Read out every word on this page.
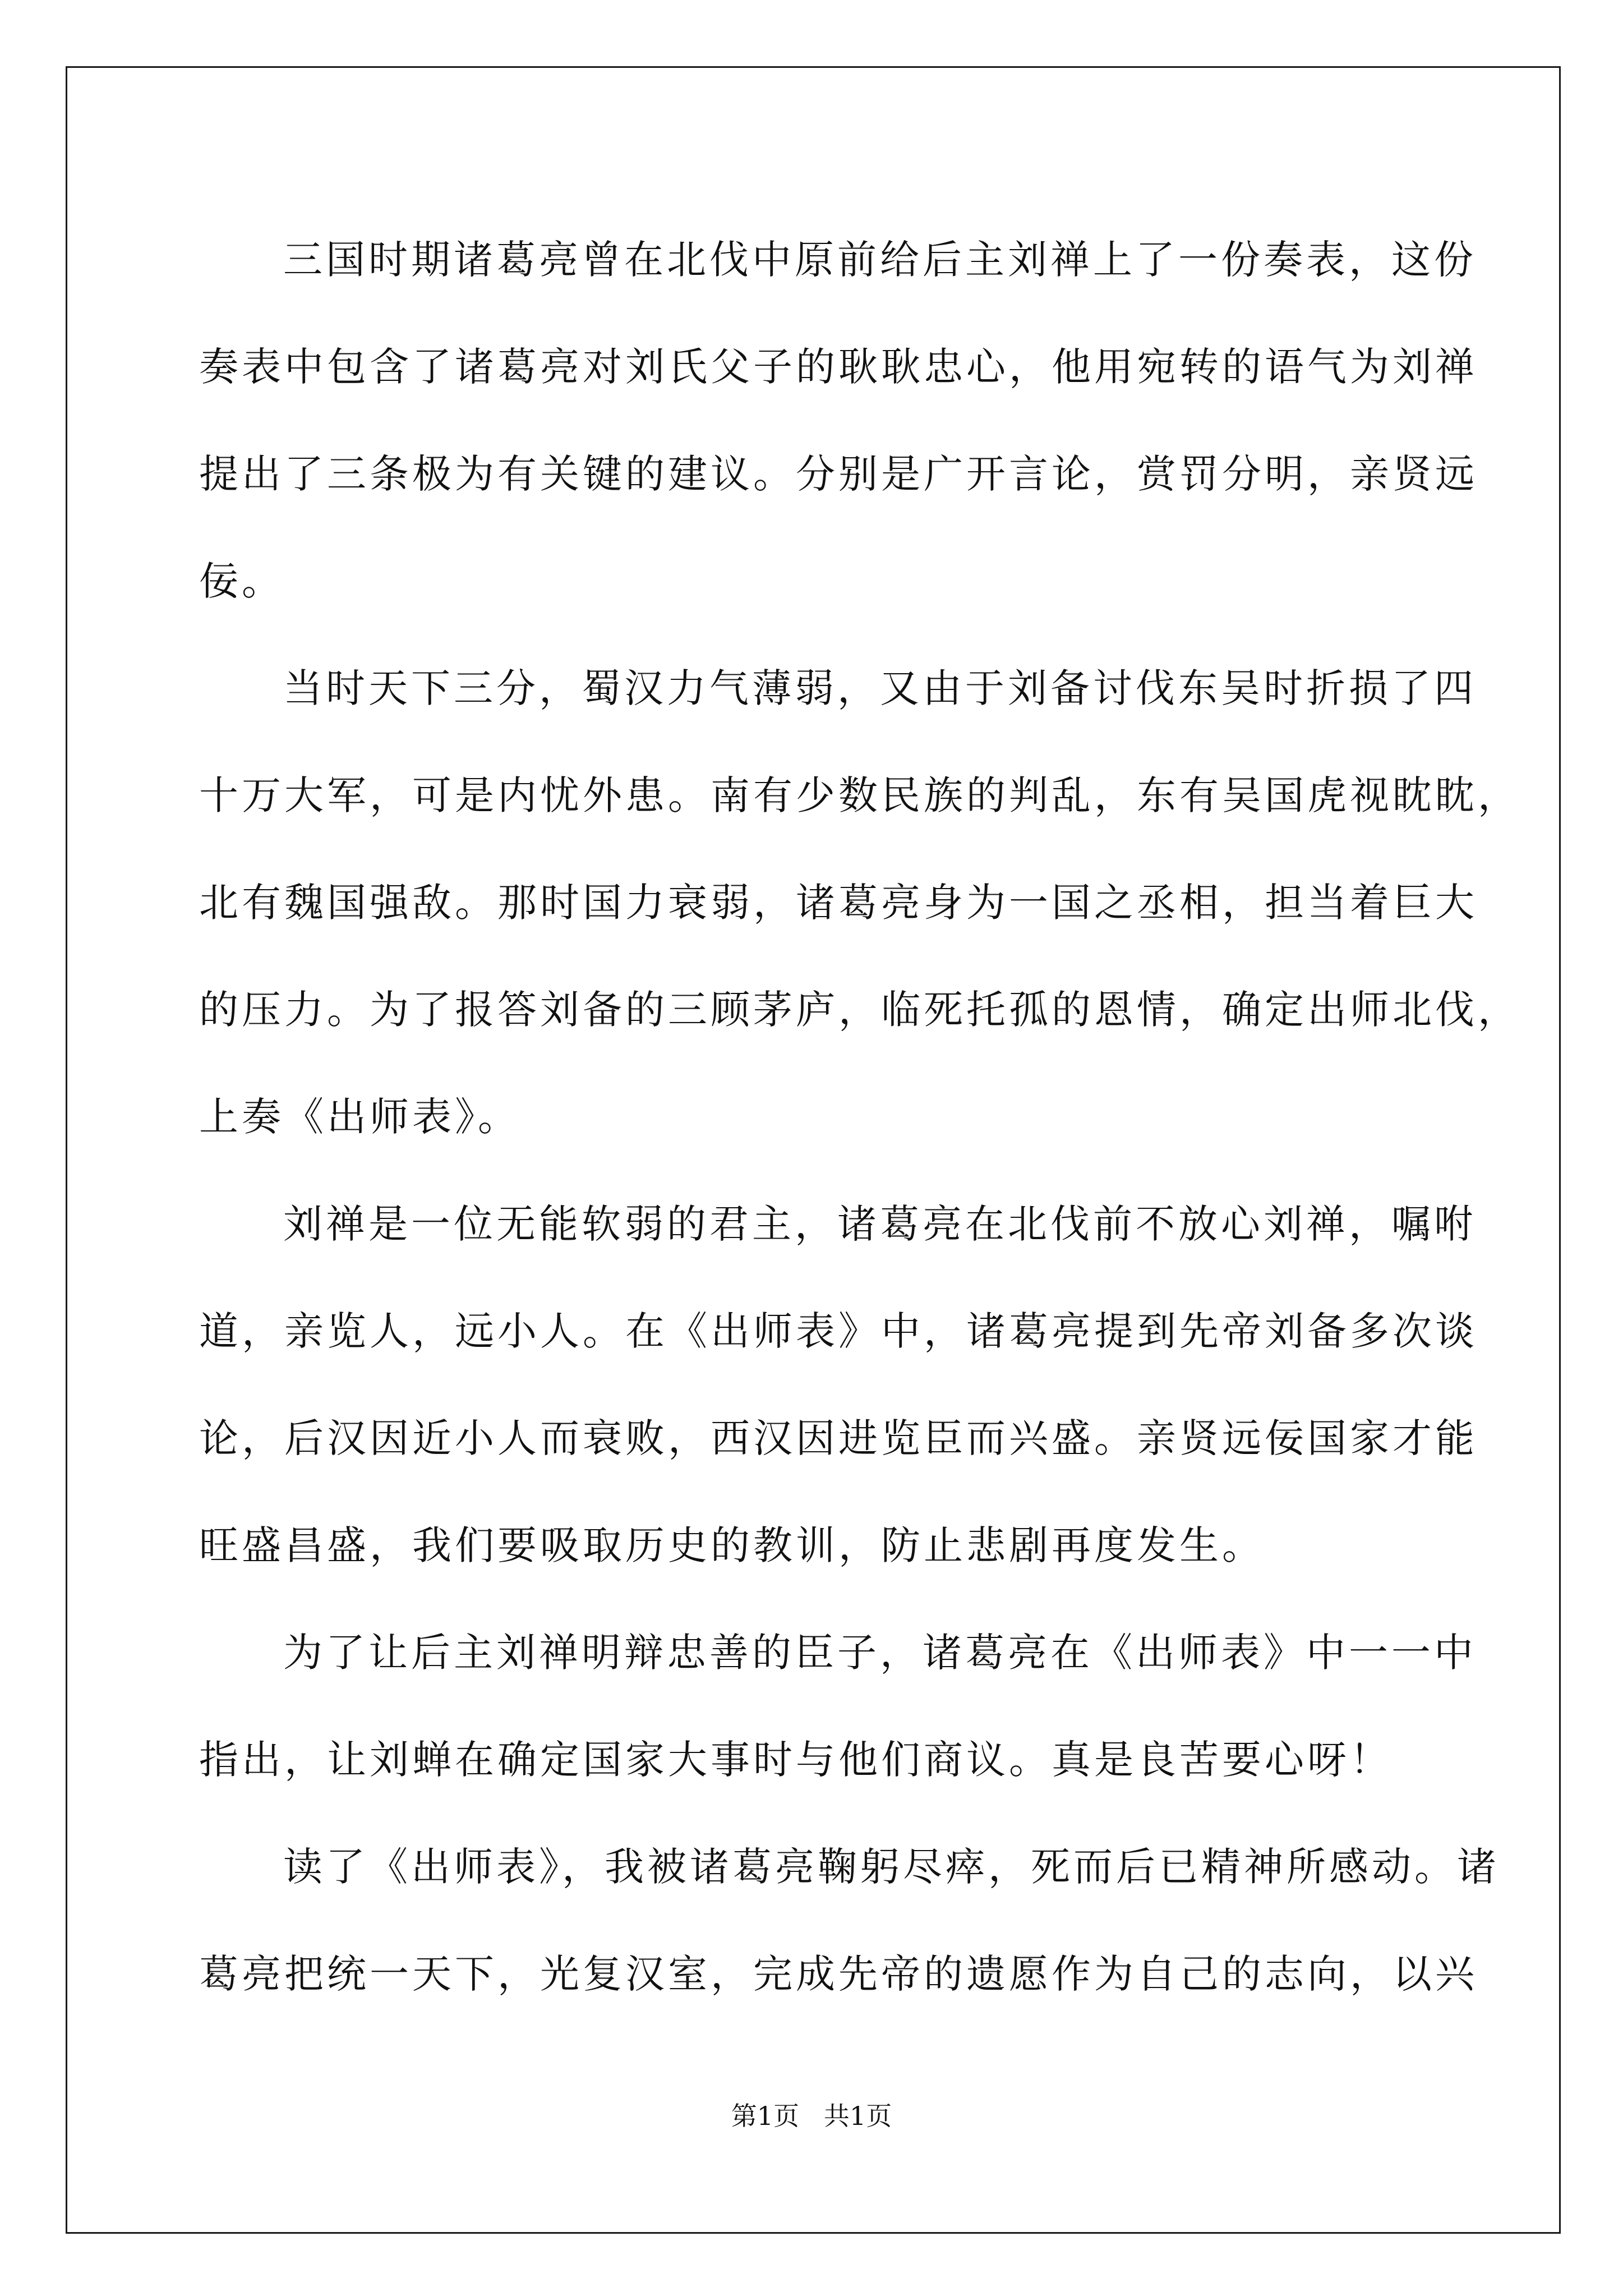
三国时期诸葛亮曾在北伐中原前给后主刘禅上了一份奏表，这份
奏表中包含了诸葛亮对刘氏父子的耿耿忠心，他用宛转的语气为刘禅
提出了三条极为有关键的建议。分别是广开言论，赏罚分明，亲贤远
佞。
当时天下三分，蜀汉力气薄弱，又由于刘备讨伐东吴时折损了四
十万大军，可是内忧外患。南有少数民族的判乱，东有吴国虎视眈眈，
北有魏国强敌。那时国力衰弱，诸葛亮身为一国之丞相，担当着巨大
的压力。为了报答刘备的三顾茅庐，临死托孤的恩情，确定出师北伐，
上奏《出师表》。
刘禅是一位无能软弱的君主，诸葛亮在北伐前不放心刘禅，嘱咐
道，亲览人，远小人。在《出师表》中，诸葛亮提到先帝刘备多次谈
论，后汉因近小人而衰败，西汉因进览臣而兴盛。亲贤远佞国家才能
旺盛昌盛，我们要吸取历史的教训，防止悲剧再度发生。
为了让后主刘禅明辩忠善的臣子，诸葛亮在《出师表》中一一中
指出，让刘蝉在确定国家大事时与他们商议。真是良苦要心呀！
读了《出师表》，我被诸葛亮鞠躬尽瘁，死而后已精神所感动。诸
葛亮把统一天下，光复汉室，完成先帝的遗愿作为自己的志向，以兴
第1页   共1页
